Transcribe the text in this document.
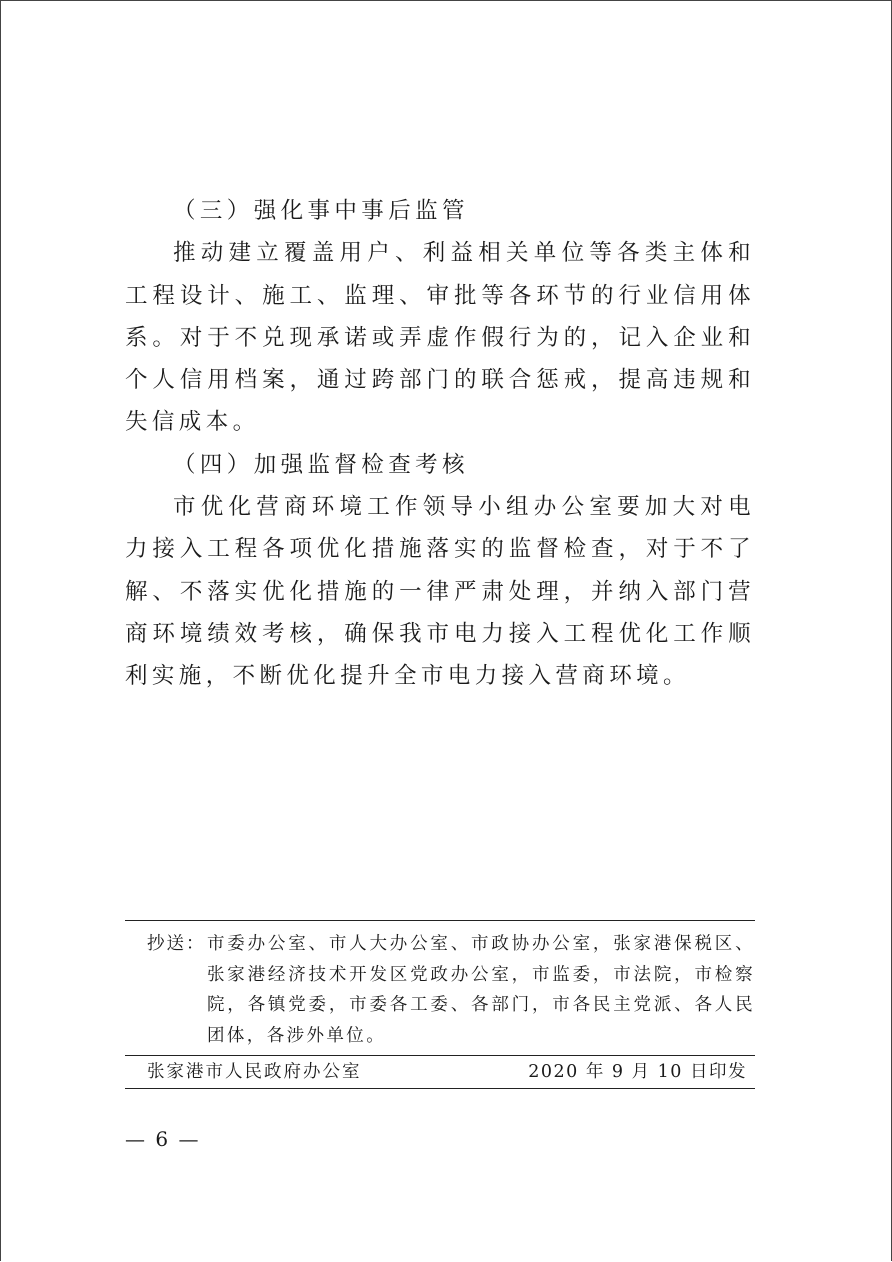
（三）强化事中事后监管

推动建立覆盖用户、利益相关单位等各类主体和工程设计、施工、监理、审批等各环节的行业信用体系。对于不兑现承诺或弄虚作假行为的，记入企业和个人信用档案，通过跨部门的联合惩戒，提高违规和失信成本。

（四）加强监督检查考核

市优化营商环境工作领导小组办公室要加大对电力接入工程各项优化措施落实的监督检查，对于不了解、不落实优化措施的一律严肃处理，并纳入部门营商环境绩效考核，确保我市电力接入工程优化工作顺利实施，不断优化提升全市电力接入营商环境。

抄送： 市委办公室、市人大办公室、市政协办公室，张家港保税区、张家港经济技术开发区党政办公室，市监委，市法院，市检察院，各镇党委，市委各工委、各部门，市各民主党派、各人民团体，各涉外单位。
张家港市人民政府办公室	2020 年 9 月 10 日印发
— 6 —
